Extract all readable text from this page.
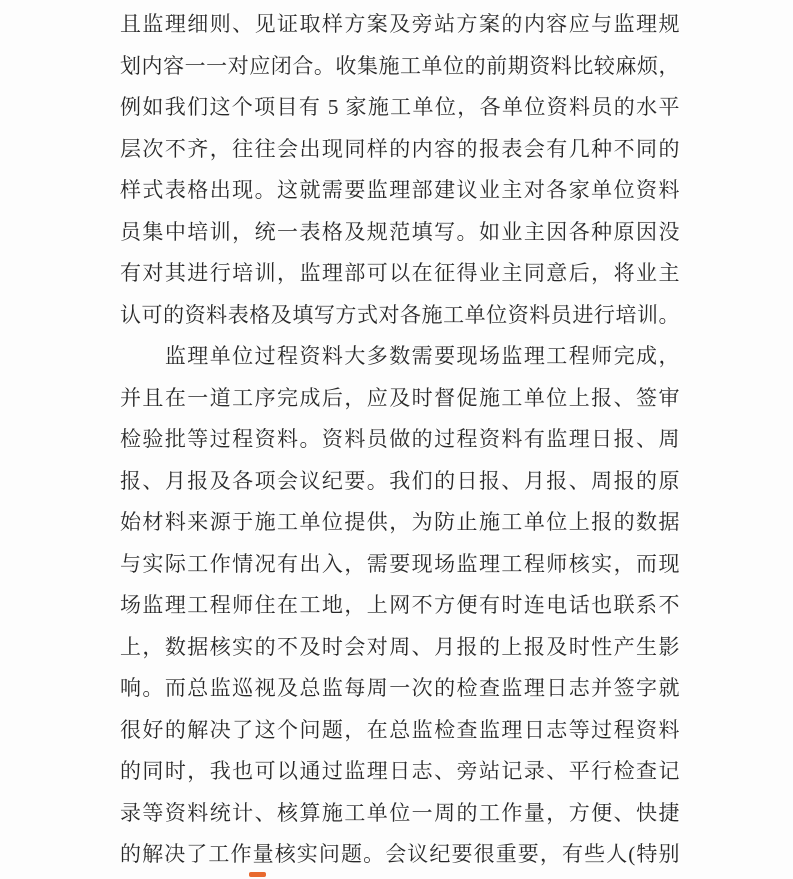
且监理细则、见证取样方案及旁站方案的内容应与监理规
划内容一一对应闭合。收集施工单位的前期资料比较麻烦，
例如我们这个项目有 5 家施工单位，各单位资料员的水平
层次不齐，往往会出现同样的内容的报表会有几种不同的
样式表格出现。这就需要监理部建议业主对各家单位资料
员集中培训，统一表格及规范填写。如业主因各种原因没
有对其进行培训，监理部可以在征得业主同意后，将业主
认可的资料表格及填写方式对各施工单位资料员进行培训。
　　监理单位过程资料大多数需要现场监理工程师完成，
并且在一道工序完成后，应及时督促施工单位上报、签审
检验批等过程资料。资料员做的过程资料有监理日报、周
报、月报及各项会议纪要。我们的日报、月报、周报的原
始材料来源于施工单位提供，为防止施工单位上报的数据
与实际工作情况有出入，需要现场监理工程师核实，而现
场监理工程师住在工地，上网不方便有时连电话也联系不
上，数据核实的不及时会对周、月报的上报及时性产生影
响。而总监巡视及总监每周一次的检查监理日志并签字就
很好的解决了这个问题，在总监检查监理日志等过程资料
的同时，我也可以通过监理日志、旁站记录、平行检查记
录等资料统计、核算施工单位一周的工作量，方便、快捷
的解决了工作量核实问题。会议纪要很重要，有些人(特别
